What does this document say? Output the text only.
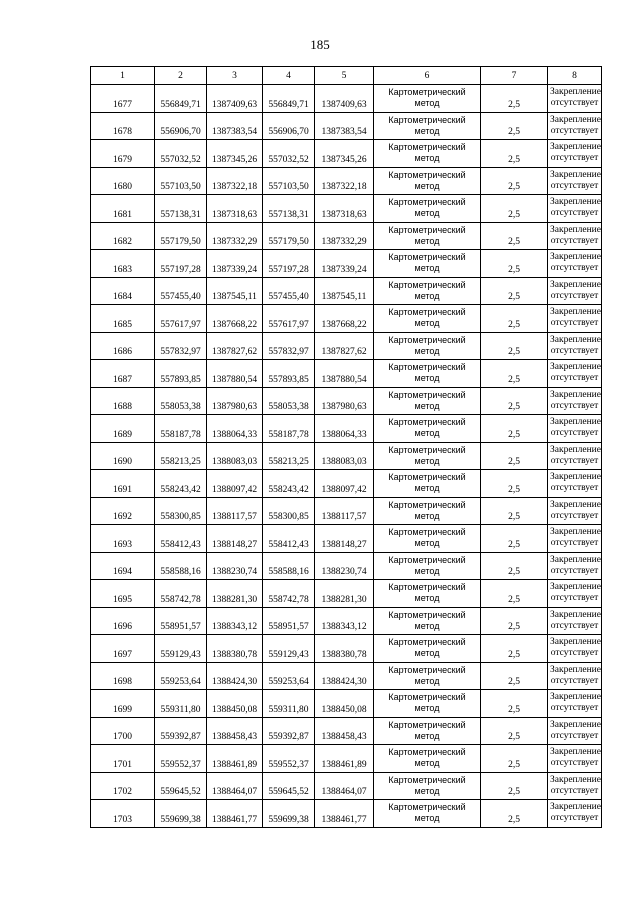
185
1	2	3	4	5	6	7	8
1677	556849,71	1387409,63	556849,71	1387409,63	Картометрический метод	2,5	Закрепление отсутствует
1678	556906,70	1387383,54	556906,70	1387383,54	Картометрический метод	2,5	Закрепление отсутствует
1679	557032,52	1387345,26	557032,52	1387345,26	Картометрический метод	2,5	Закрепление отсутствует
1680	557103,50	1387322,18	557103,50	1387322,18	Картометрический метод	2,5	Закрепление отсутствует
1681	557138,31	1387318,63	557138,31	1387318,63	Картометрический метод	2,5	Закрепление отсутствует
1682	557179,50	1387332,29	557179,50	1387332,29	Картометрический метод	2,5	Закрепление отсутствует
1683	557197,28	1387339,24	557197,28	1387339,24	Картометрический метод	2,5	Закрепление отсутствует
1684	557455,40	1387545,11	557455,40	1387545,11	Картометрический метод	2,5	Закрепление отсутствует
1685	557617,97	1387668,22	557617,97	1387668,22	Картометрический метод	2,5	Закрепление отсутствует
1686	557832,97	1387827,62	557832,97	1387827,62	Картометрический метод	2,5	Закрепление отсутствует
1687	557893,85	1387880,54	557893,85	1387880,54	Картометрический метод	2,5	Закрепление отсутствует
1688	558053,38	1387980,63	558053,38	1387980,63	Картометрический метод	2,5	Закрепление отсутствует
1689	558187,78	1388064,33	558187,78	1388064,33	Картометрический метод	2,5	Закрепление отсутствует
1690	558213,25	1388083,03	558213,25	1388083,03	Картометрический метод	2,5	Закрепление отсутствует
1691	558243,42	1388097,42	558243,42	1388097,42	Картометрический метод	2,5	Закрепление отсутствует
1692	558300,85	1388117,57	558300,85	1388117,57	Картометрический метод	2,5	Закрепление отсутствует
1693	558412,43	1388148,27	558412,43	1388148,27	Картометрический метод	2,5	Закрепление отсутствует
1694	558588,16	1388230,74	558588,16	1388230,74	Картометрический метод	2,5	Закрепление отсутствует
1695	558742,78	1388281,30	558742,78	1388281,30	Картометрический метод	2,5	Закрепление отсутствует
1696	558951,57	1388343,12	558951,57	1388343,12	Картометрический метод	2,5	Закрепление отсутствует
1697	559129,43	1388380,78	559129,43	1388380,78	Картометрический метод	2,5	Закрепление отсутствует
1698	559253,64	1388424,30	559253,64	1388424,30	Картометрический метод	2,5	Закрепление отсутствует
1699	559311,80	1388450,08	559311,80	1388450,08	Картометрический метод	2,5	Закрепление отсутствует
1700	559392,87	1388458,43	559392,87	1388458,43	Картометрический метод	2,5	Закрепление отсутствует
1701	559552,37	1388461,89	559552,37	1388461,89	Картометрический метод	2,5	Закрепление отсутствует
1702	559645,52	1388464,07	559645,52	1388464,07	Картометрический метод	2,5	Закрепление отсутствует
1703	559699,38	1388461,77	559699,38	1388461,77	Картометрический метод	2,5	Закрепление отсутствует
